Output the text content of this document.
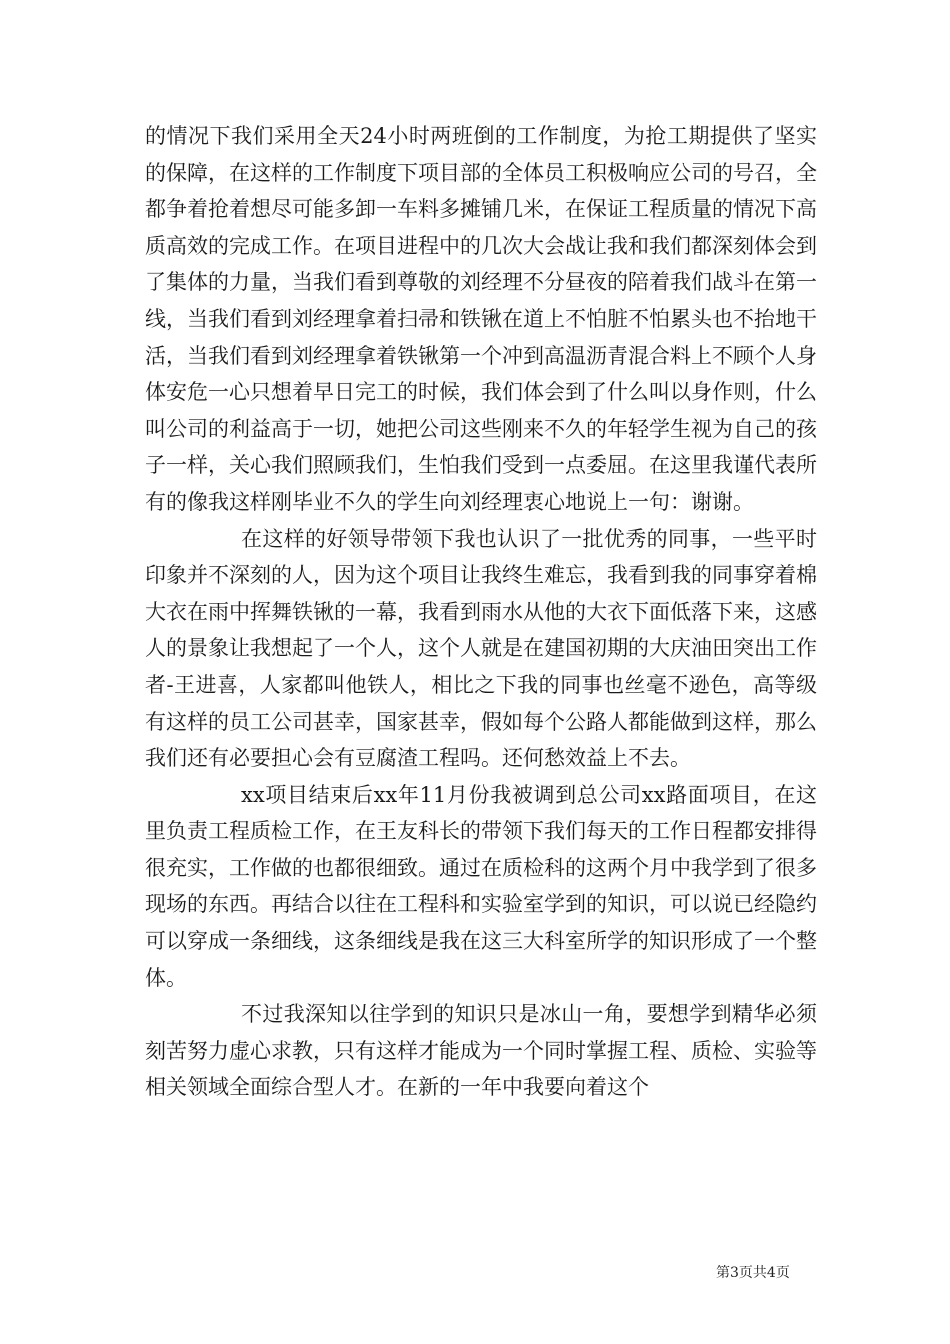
的情况下我们采用全天24小时两班倒的工作制度，为抢工期提供了坚实的保障，在这样的工作制度下项目部的全体员工积极响应公司的号召，全都争着抢着想尽可能多卸一车料多摊铺几米，在保证工程质量的情况下高质高效的完成工作。在项目进程中的几次大会战让我和我们都深刻体会到了集体的力量，当我们看到尊敬的刘经理不分昼夜的陪着我们战斗在第一线，当我们看到刘经理拿着扫帚和铁锹在道上不怕脏不怕累头也不抬地干活，当我们看到刘经理拿着铁锹第一个冲到高温沥青混合料上不顾个人身体安危一心只想着早日完工的时候，我们体会到了什么叫以身作则，什么叫公司的利益高于一切，她把公司这些刚来不久的年轻学生视为自己的孩子一样，关心我们照顾我们，生怕我们受到一点委屈。在这里我谨代表所有的像我这样刚毕业不久的学生向刘经理衷心地说上一句：谢谢。

在这样的好领导带领下我也认识了一批优秀的同事，一些平时印象并不深刻的人，因为这个项目让我终生难忘，我看到我的同事穿着棉大衣在雨中挥舞铁锹的一幕，我看到雨水从他的大衣下面低落下来，这感人的景象让我想起了一个人，这个人就是在建国初期的大庆油田突出工作者-王进喜，人家都叫他铁人，相比之下我的同事也丝毫不逊色，高等级有这样的员工公司甚幸，国家甚幸，假如每个公路人都能做到这样，那么我们还有必要担心会有豆腐渣工程吗。还何愁效益上不去。

xx项目结束后xx年11月份我被调到总公司xx路面项目，在这里负责工程质检工作，在王友科长的带领下我们每天的工作日程都安排得很充实，工作做的也都很细致。通过在质检科的这两个月中我学到了很多现场的东西。再结合以往在工程科和实验室学到的知识，可以说已经隐约可以穿成一条细线，这条细线是我在这三大科室所学的知识形成了一个整体。

不过我深知以往学到的知识只是冰山一角，要想学到精华必须刻苦努力虚心求教，只有这样才能成为一个同时掌握工程、质检、实验等相关领域全面综合型人才。在新的一年中我要向着这个

第3页共4页
